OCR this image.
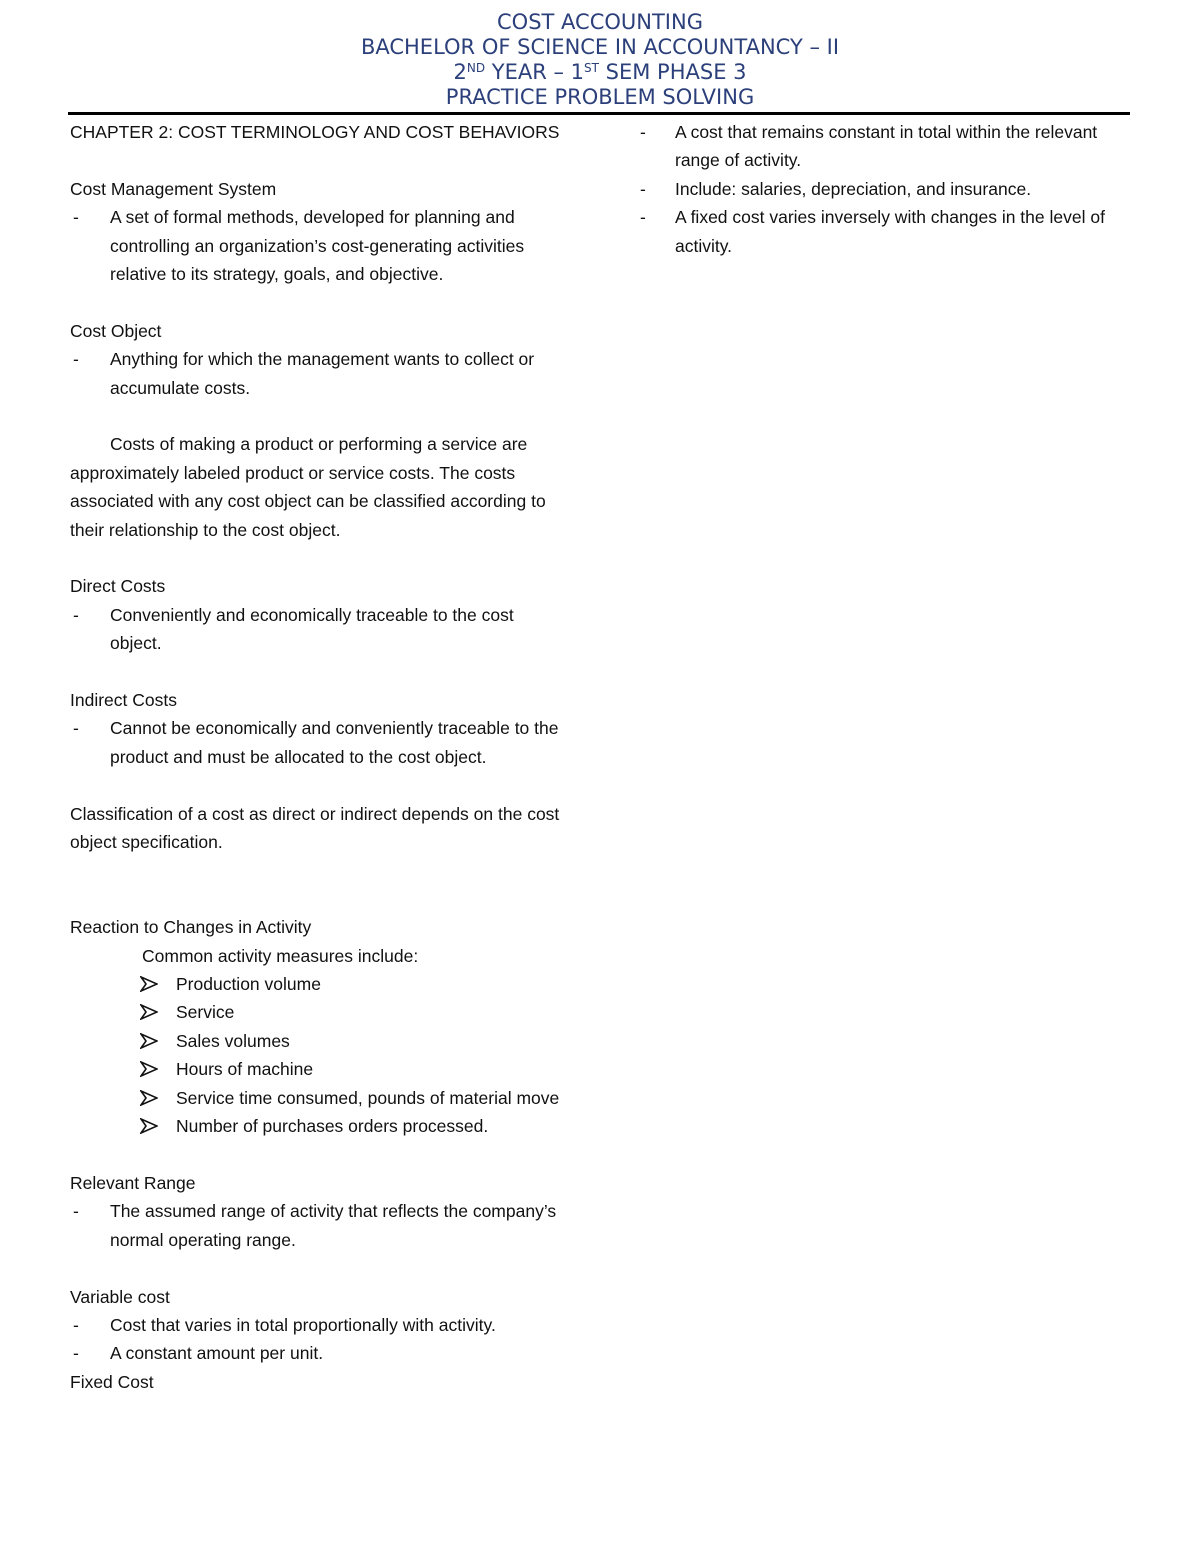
COST ACCOUNTING
BACHELOR OF SCIENCE IN ACCOUNTANCY – II
2ND YEAR – 1ST SEM PHASE 3
PRACTICE PROBLEM SOLVING

CHAPTER 2: COST TERMINOLOGY AND COST BEHAVIORS

Cost Management System

- A set of formal methods, developed for planning and controlling an organization’s cost-generating activities relative to its strategy, goals, and objective.

Cost Object

- Anything for which the management wants to collect or accumulate costs.

Costs of making a product or performing a service are approximately labeled product or service costs. The costs associated with any cost object can be classified according to their relationship to the cost object.

Direct Costs

- Conveniently and economically traceable to the cost object.

Indirect Costs

- Cannot be economically and conveniently traceable to the product and must be allocated to the cost object.

Classification of a cost as direct or indirect depends on the cost object specification.

Reaction to Changes in Activity

Common activity measures include:

Production volume
Service
Sales volumes
Hours of machine
Service time consumed, pounds of material move
Number of purchases orders processed.

Relevant Range

- The assumed range of activity that reflects the company’s normal operating range.

Variable cost

- Cost that varies in total proportionally with activity.
- A constant amount per unit.

Fixed Cost

- A cost that remains constant in total within the relevant range of activity.
- Include: salaries, depreciation, and insurance.
- A fixed cost varies inversely with changes in the level of activity.
